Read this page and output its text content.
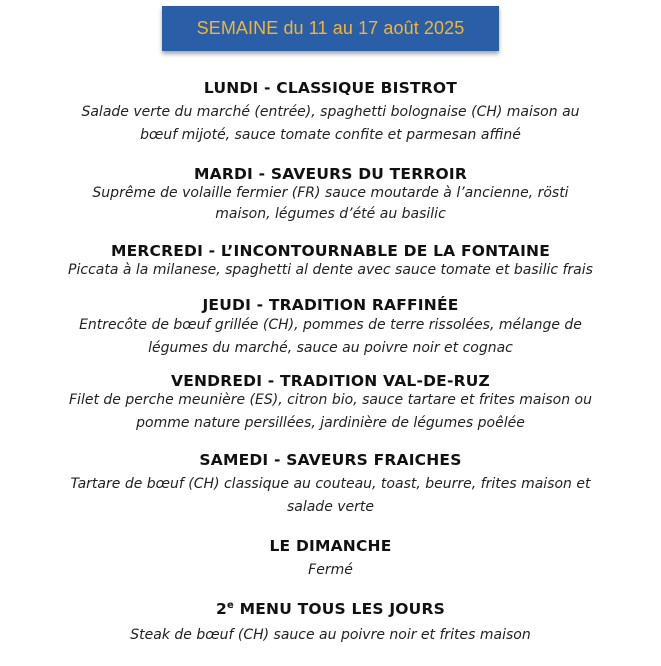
SEMAINE du 11 au 17 août 2025
LUNDI - CLASSIQUE BISTROT

Salade verte du marché (entrée), spaghetti bolognaise (CH) maison au

bœuf mijoté, sauce tomate confite et parmesan affiné

MARDI - SAVEURS DU TERROIR

Suprême de volaille fermier (FR) sauce moutarde à l’ancienne, rösti

maison, légumes d’été au basilic

MERCREDI - L’INCONTOURNABLE DE LA FONTAINE

Piccata à la milanese, spaghetti al dente avec sauce tomate et basilic frais

JEUDI - TRADITION RAFFINÉE

Entrecôte de bœuf grillée (CH), pommes de terre rissolées, mélange de

légumes du marché, sauce au poivre noir et cognac

VENDREDI - TRADITION VAL-DE-RUZ

Filet de perche meunière (ES), citron bio, sauce tartare et frites maison ou

pomme nature persillées, jardinière de légumes poêlée

SAMEDI - SAVEURS FRAICHES

Tartare de bœuf (CH) classique au couteau, toast, beurre, frites maison et

salade verte

LE DIMANCHE

Fermé

2e MENU TOUS LES JOURS

Steak de bœuf (CH) sauce au poivre noir et frites maison
